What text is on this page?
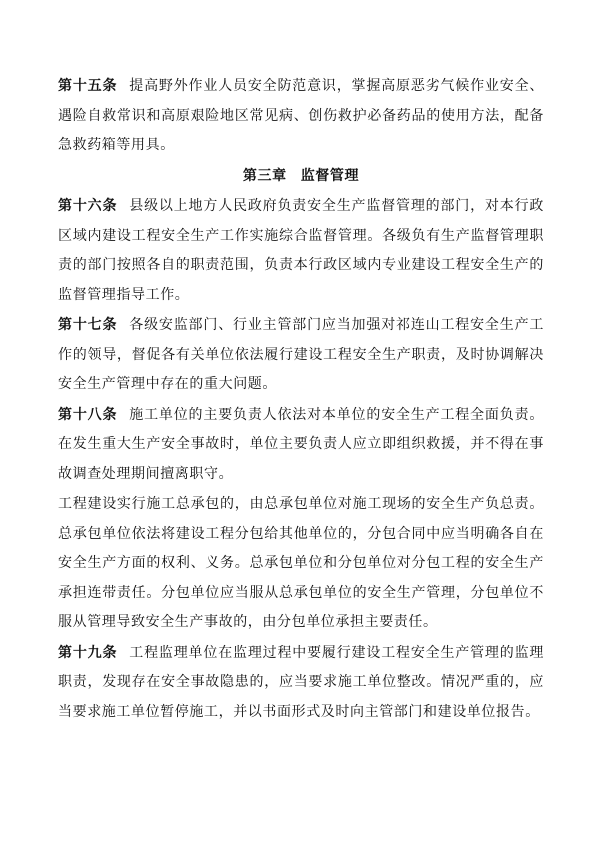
第十五条 提高野外作业人员安全防范意识，掌握高原恶劣气候作业安全、遇险自救常识和高原艰险地区常见病、创伤救护必备药品的使用方法，配备急救药箱等用具。

第三章 监督管理

第十六条 县级以上地方人民政府负责安全生产监督管理的部门，对本行政区域内建设工程安全生产工作实施综合监督管理。各级负有生产监督管理职责的部门按照各自的职责范围，负责本行政区域内专业建设工程安全生产的监督管理指导工作。

第十七条 各级安监部门、行业主管部门应当加强对祁连山工程安全生产工作的领导，督促各有关单位依法履行建设工程安全生产职责，及时协调解决安全生产管理中存在的重大问题。

第十八条 施工单位的主要负责人依法对本单位的安全生产工程全面负责。在发生重大生产安全事故时，单位主要负责人应立即组织救援，并不得在事故调查处理期间擅离职守。

工程建设实行施工总承包的，由总承包单位对施工现场的安全生产负总责。总承包单位依法将建设工程分包给其他单位的，分包合同中应当明确各自在安全生产方面的权利、义务。总承包单位和分包单位对分包工程的安全生产承担连带责任。分包单位应当服从总承包单位的安全生产管理，分包单位不服从管理导致安全生产事故的，由分包单位承担主要责任。

第十九条 工程监理单位在监理过程中要履行建设工程安全生产管理的监理职责，发现存在安全事故隐患的，应当要求施工单位整改。情况严重的，应当要求施工单位暂停施工，并以书面形式及时向主管部门和建设单位报告。
